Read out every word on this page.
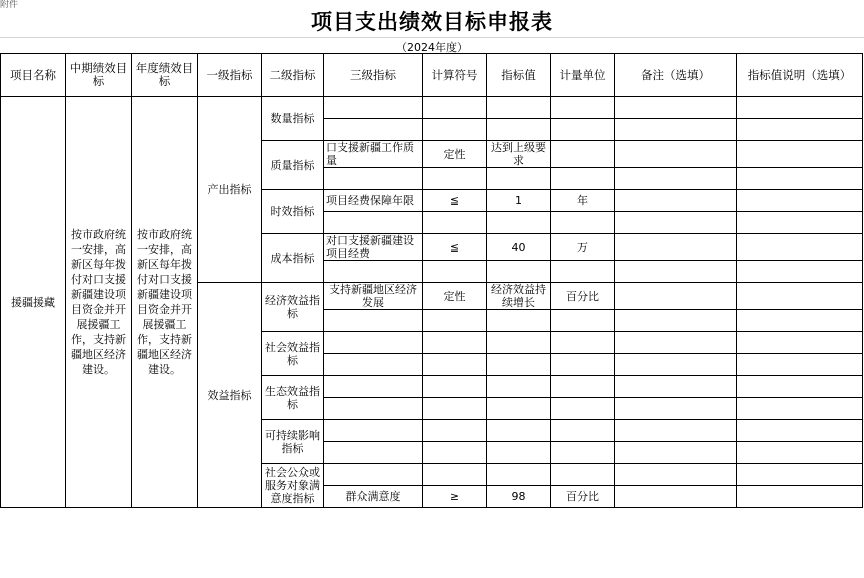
附件
项目支出绩效目标申报表
（2024年度）
项目名称	中期绩效目标	年度绩效目标	一级指标	二级指标	三级指标	计算符号	指标值	计量单位	备注（选填）	指标值说明（选填）
援疆援藏	按市政府统一安排，高新区每年拨付对口支援新疆建设项目资金并开展援疆工作，支持新疆地区经济建设。	按市政府统一安排，高新区每年拨付对口支援新疆建设项目资金并开展援疆工作，支持新疆地区经济建设。	产出指标	数量指标						

				质量指标	口支援新疆工作质量	定性	达到上级要求			

				时效指标	项目经费保障年限	≦	1	年		

				成本指标	对口支援新疆建设项目经费	≦	40	万		

			效益指标	经济效益指标	支持新疆地区经济发展	定性	经济效益持续增长	百分比		

				社会效益指标						

				生态效益指标						

				可持续影响指标						

				社会公众或服务对象满意度指标						
					群众满意度	≥	98	百分比		
